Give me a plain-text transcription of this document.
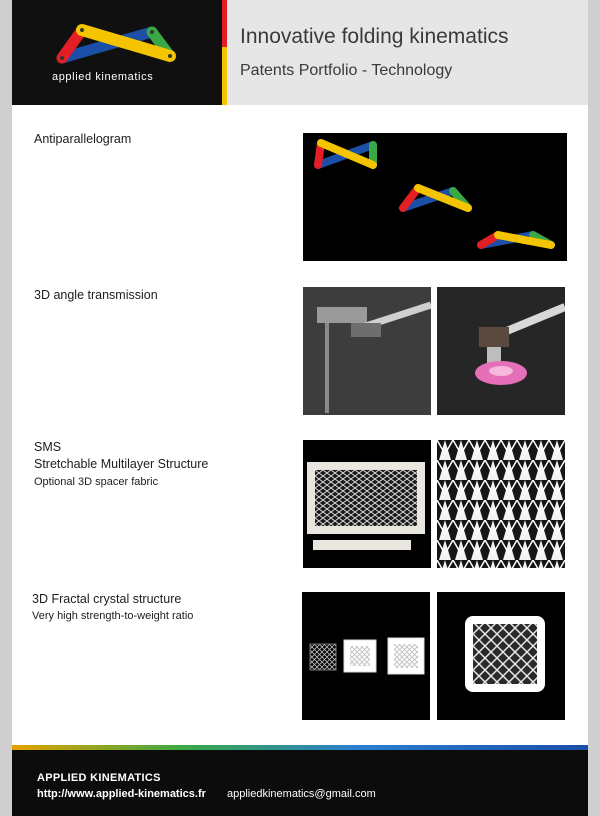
applied kinematics
Innovative folding kinematics
Patents Portfolio - Technology
Antiparallelogram
3D angle transmission
SMS
Stretchable Multilayer Structure
Optional 3D spacer fabric
3D Fractal crystal structure
Very high strength-to-weight ratio
APPLIED KINEMATICS
http://www.applied-kinematics.fr appliedkinematics@gmail.com
